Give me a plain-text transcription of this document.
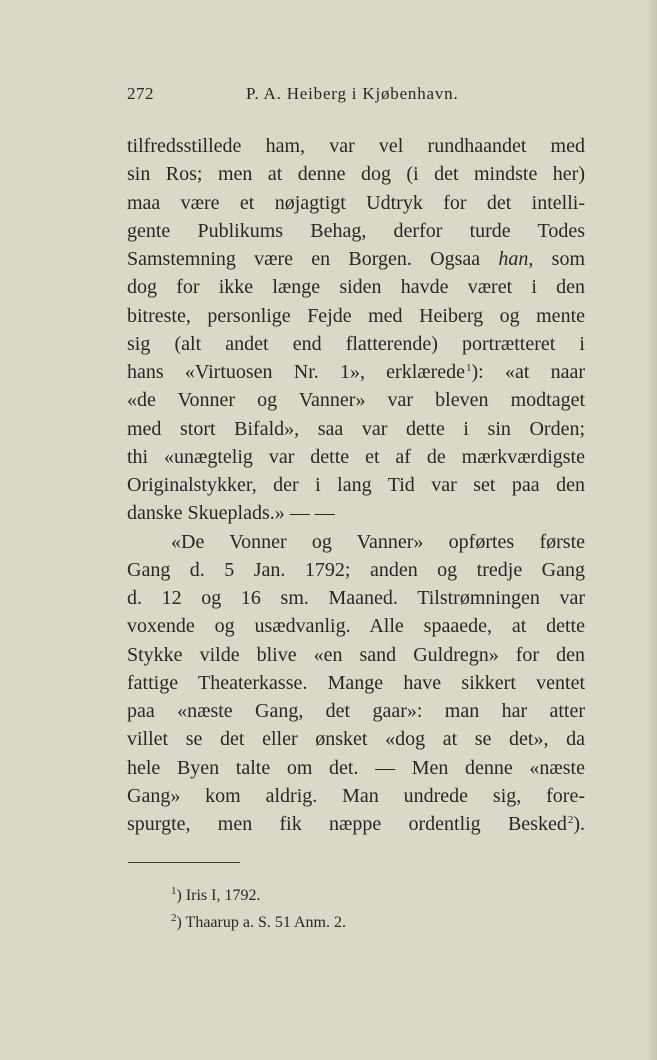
272	P. A. Heiberg i Kjøbenhavn.
tilfredsstillede ham, var vel rundhaandet med
sin Ros; men at denne dog (i det mindste her)
maa være et nøjagtigt Udtryk for det intelli-
gente Publikums Behag, derfor turde Todes
Samstemning være en Borgen. Ogsaa han, som
dog for ikke længe siden havde været i den
bitreste, personlige Fejde med Heiberg og mente
sig (alt andet end flatterende) portrætteret i
hans «Virtuosen Nr. 1», erklærede$^1$): «at naar
«de Vonner og Vanner» var bleven modtaget
med stort Bifald», saa var dette i sin Orden;
thi «unægtelig var dette et af de mærkværdigste
Originalstykker, der i lang Tid var set paa den
danske Skueplads.» — —
«De Vonner og Vanner» opførtes første
Gang d. 5 Jan. 1792; anden og tredje Gang
d. 12 og 16 sm. Maaned. Tilstrømningen var
voxende og usædvanlig. Alle spaaede, at dette
Stykke vilde blive «en sand Guldregn» for den
fattige Theaterkasse. Mange have sikkert ventet
paa «næste Gang, det gaar»: man har atter
villet se det eller ønsket «dog at se det», da
hele Byen talte om det. — Men denne «næste
Gang» kom aldrig. Man undrede sig, fore-
spurgte, men fik næppe ordentlig Besked$^2$).
$^1$) Iris I, 1792.
$^2$) Thaarup a. S. 51 Anm. 2.
